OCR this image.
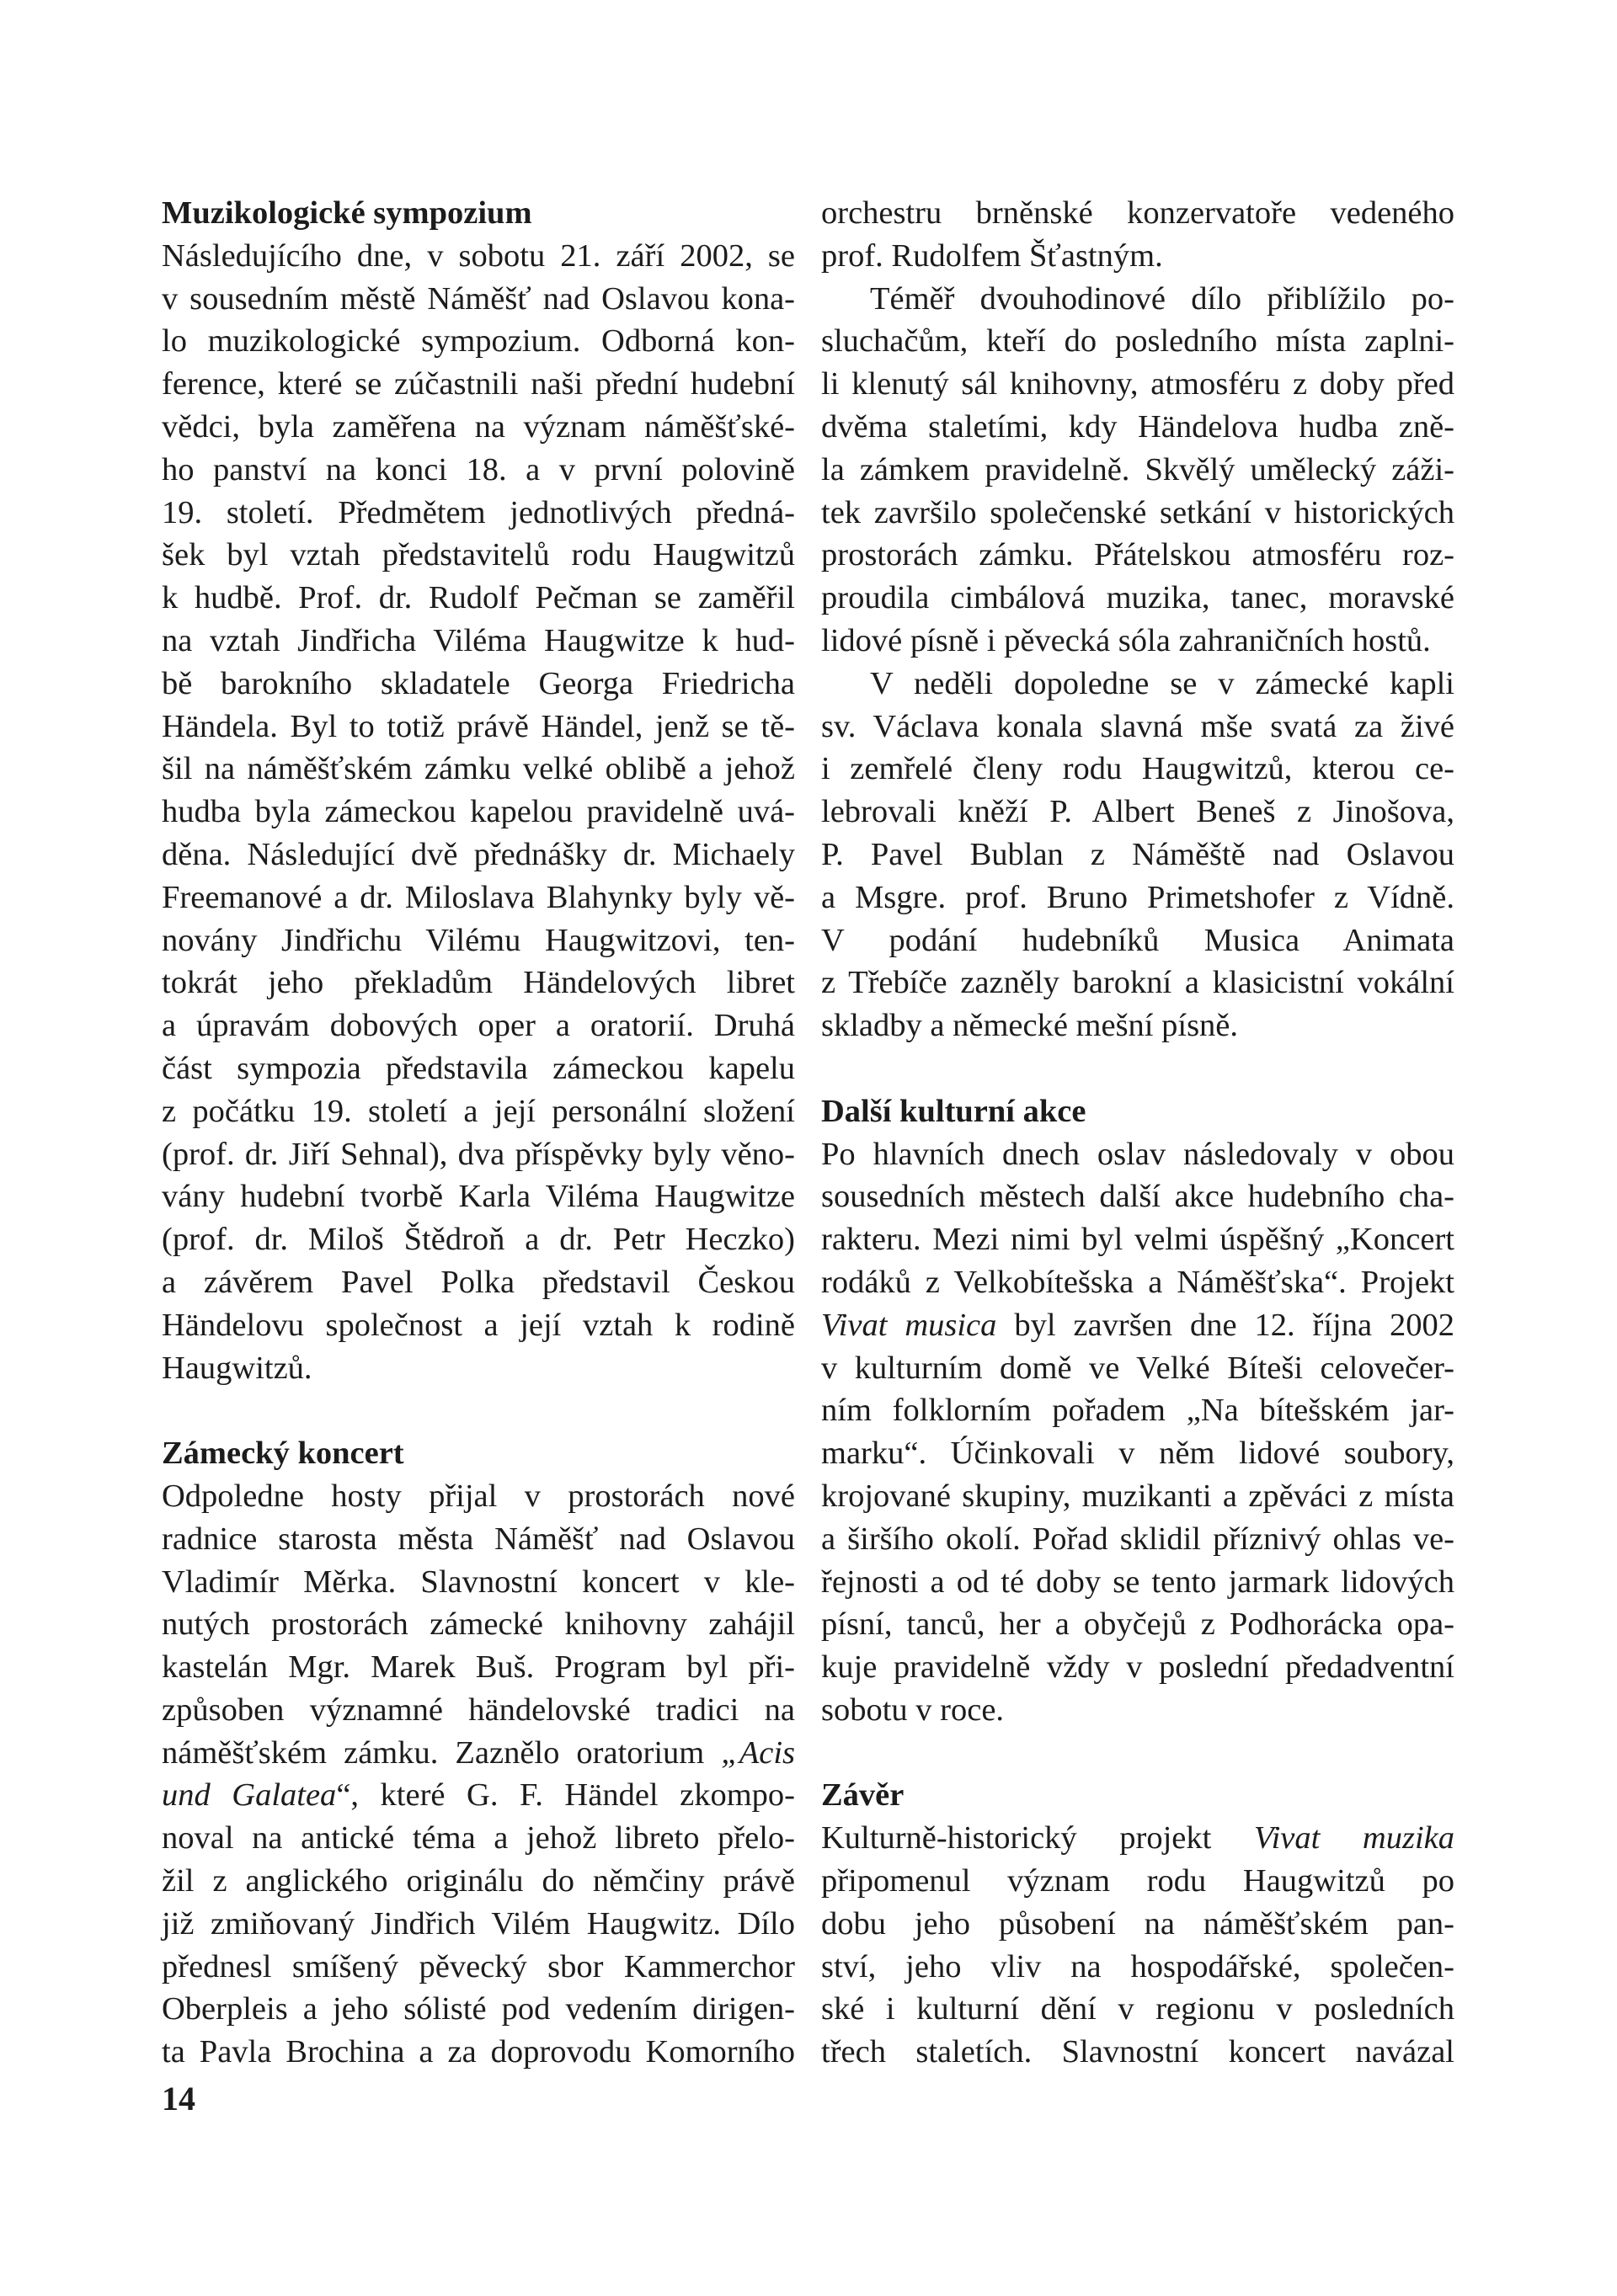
Muzikologické sympozium
Následujícího dne, v sobotu 21. září 2002, se
v sousedním městě Náměšť nad Oslavou kona-
lo muzikologické sympozium. Odborná kon-
ference, které se zúčastnili naši přední hudební
vědci, byla zaměřena na význam náměšťské-
ho panství na konci 18. a v první polovině
19. století. Předmětem jednotlivých předná-
šek byl vztah představitelů rodu Haugwitzů
k hudbě. Prof. dr. Rudolf Pečman se zaměřil
na vztah Jindřicha Viléma Haugwitze k hud-
bě barokního skladatele Georga Friedricha
Händela. Byl to totiž právě Händel, jenž se tě-
šil na náměšťském zámku velké oblibě a jehož
hudba byla zámeckou kapelou pravidelně uvá-
děna. Následující dvě přednášky dr. Michaely
Freemanové a dr. Miloslava Blahynky byly vě-
novány Jindřichu Vilému Haugwitzovi, ten-
tokrát jeho překladům Händelových libret
a úpravám dobových oper a oratorií. Druhá
část sympozia představila zámeckou kapelu
z počátku 19. století a její personální složení
(prof. dr. Jiří Sehnal), dva příspěvky byly věno-
vány hudební tvorbě Karla Viléma Haugwitze
(prof. dr. Miloš Štědroň a dr. Petr Heczko)
a závěrem Pavel Polka představil Českou
Händelovu společnost a její vztah k rodině
Haugwitzů.
Zámecký koncert
Odpoledne hosty přijal v prostorách nové
radnice starosta města Náměšť nad Oslavou
Vladimír Měrka. Slavnostní koncert v kle-
nutých prostorách zámecké knihovny zahájil
kastelán Mgr. Marek Buš. Program byl při-
způsoben významné händelovské tradici na
náměšťském zámku. Zaznělo oratorium „Acis
und Galatea“, které G. F. Händel zkompo-
noval na antické téma a jehož libreto přelo-
žil z anglického originálu do němčiny právě
již zmiňovaný Jindřich Vilém Haugwitz. Dílo
přednesl smíšený pěvecký sbor Kammerchor
Oberpleis a jeho sólisté pod vedením dirigen-
ta Pavla Brochina a za doprovodu Komorního
orchestru brněnské konzervatoře vedeného
prof. Rudolfem Šťastným.
Téměř dvouhodinové dílo přiblížilo po-
sluchačům, kteří do posledního místa zaplni-
li klenutý sál knihovny, atmosféru z doby před
dvěma staletími, kdy Händelova hudba zně-
la zámkem pravidelně. Skvělý umělecký záži-
tek završilo společenské setkání v historických
prostorách zámku. Přátelskou atmosféru roz-
proudila cimbálová muzika, tanec, moravské
lidové písně i pěvecká sóla zahraničních hostů.
V neděli dopoledne se v zámecké kapli
sv. Václava konala slavná mše svatá za živé
i zemřelé členy rodu Haugwitzů, kterou ce-
lebrovali kněží P. Albert Beneš z Jinošova,
P. Pavel Bublan z Náměště nad Oslavou
a Msgre. prof. Bruno Primetshofer z Vídně.
V podání hudebníků Musica Animata
z Třebíče zazněly barokní a klasicistní vokální
skladby a německé mešní písně.
Další kulturní akce
Po hlavních dnech oslav následovaly v obou
sousedních městech další akce hudebního cha-
rakteru. Mezi nimi byl velmi úspěšný „Koncert
rodáků z Velkobítešska a Náměšťska“. Projekt
Vivat musica byl završen dne 12. října 2002
v kulturním domě ve Velké Bíteši celovečer-
ním folklorním pořadem „Na bítešském jar-
marku“. Účinkovali v něm lidové soubory,
krojované skupiny, muzikanti a zpěváci z místa
a širšího okolí. Pořad sklidil příznivý ohlas ve-
řejnosti a od té doby se tento jarmark lidových
písní, tanců, her a obyčejů z Podhorácka opa-
kuje pravidelně vždy v poslední předadventní
sobotu v roce.
Závěr
Kulturně-historický projekt Vivat muzika
připomenul význam rodu Haugwitzů po
dobu jeho působení na náměšťském pan-
ství, jeho vliv na hospodářské, společen-
ské i kulturní dění v regionu v posledních
třech staletích. Slavnostní koncert navázal
14
